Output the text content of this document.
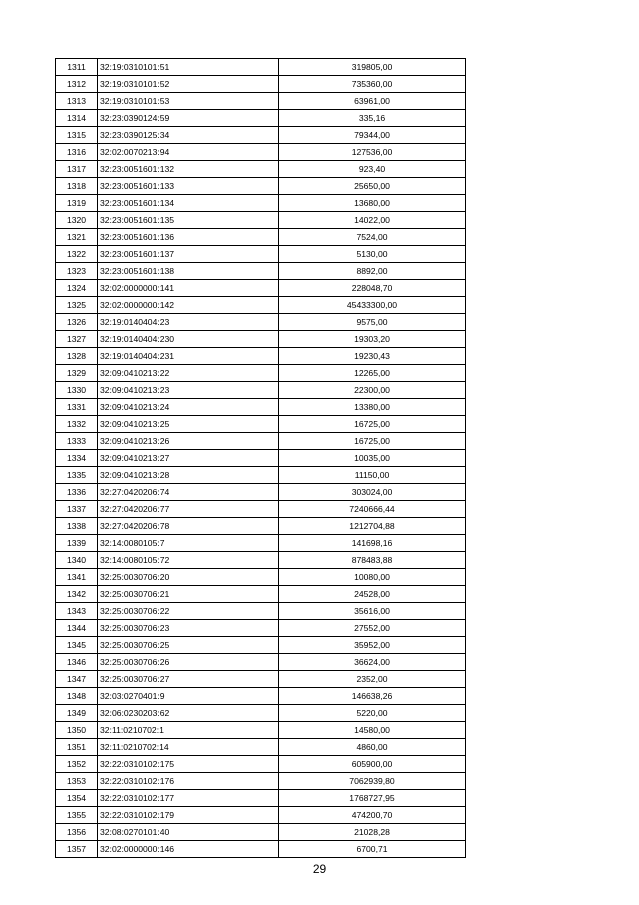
1311	32:19:0310101:51	319805,00
1312	32:19:0310101:52	735360,00
1313	32:19:0310101:53	63961,00
1314	32:23:0390124:59	335,16
1315	32:23:0390125:34	79344,00
1316	32:02:0070213:94	127536,00
1317	32:23:0051601:132	923,40
1318	32:23:0051601:133	25650,00
1319	32:23:0051601:134	13680,00
1320	32:23:0051601:135	14022,00
1321	32:23:0051601:136	7524,00
1322	32:23:0051601:137	5130,00
1323	32:23:0051601:138	8892,00
1324	32:02:0000000:141	228048,70
1325	32:02:0000000:142	45433300,00
1326	32:19:0140404:23	9575,00
1327	32:19:0140404:230	19303,20
1328	32:19:0140404:231	19230,43
1329	32:09:0410213:22	12265,00
1330	32:09:0410213:23	22300,00
1331	32:09:0410213:24	13380,00
1332	32:09:0410213:25	16725,00
1333	32:09:0410213:26	16725,00
1334	32:09:0410213:27	10035,00
1335	32:09:0410213:28	11150,00
1336	32:27:0420206:74	303024,00
1337	32:27:0420206:77	7240666,44
1338	32:27:0420206:78	1212704,88
1339	32:14:0080105:7	141698,16
1340	32:14:0080105:72	878483,88
1341	32:25:0030706:20	10080,00
1342	32:25:0030706:21	24528,00
1343	32:25:0030706:22	35616,00
1344	32:25:0030706:23	27552,00
1345	32:25:0030706:25	35952,00
1346	32:25:0030706:26	36624,00
1347	32:25:0030706:27	2352,00
1348	32:03:0270401:9	146638,26
1349	32:06:0230203:62	5220,00
1350	32:11:0210702:1	14580,00
1351	32:11:0210702:14	4860,00
1352	32:22:0310102:175	605900,00
1353	32:22:0310102:176	7062939,80
1354	32:22:0310102:177	1768727,95
1355	32:22:0310102:179	474200,70
1356	32:08:0270101:40	21028,28
1357	32:02:0000000:146	6700,71
29
